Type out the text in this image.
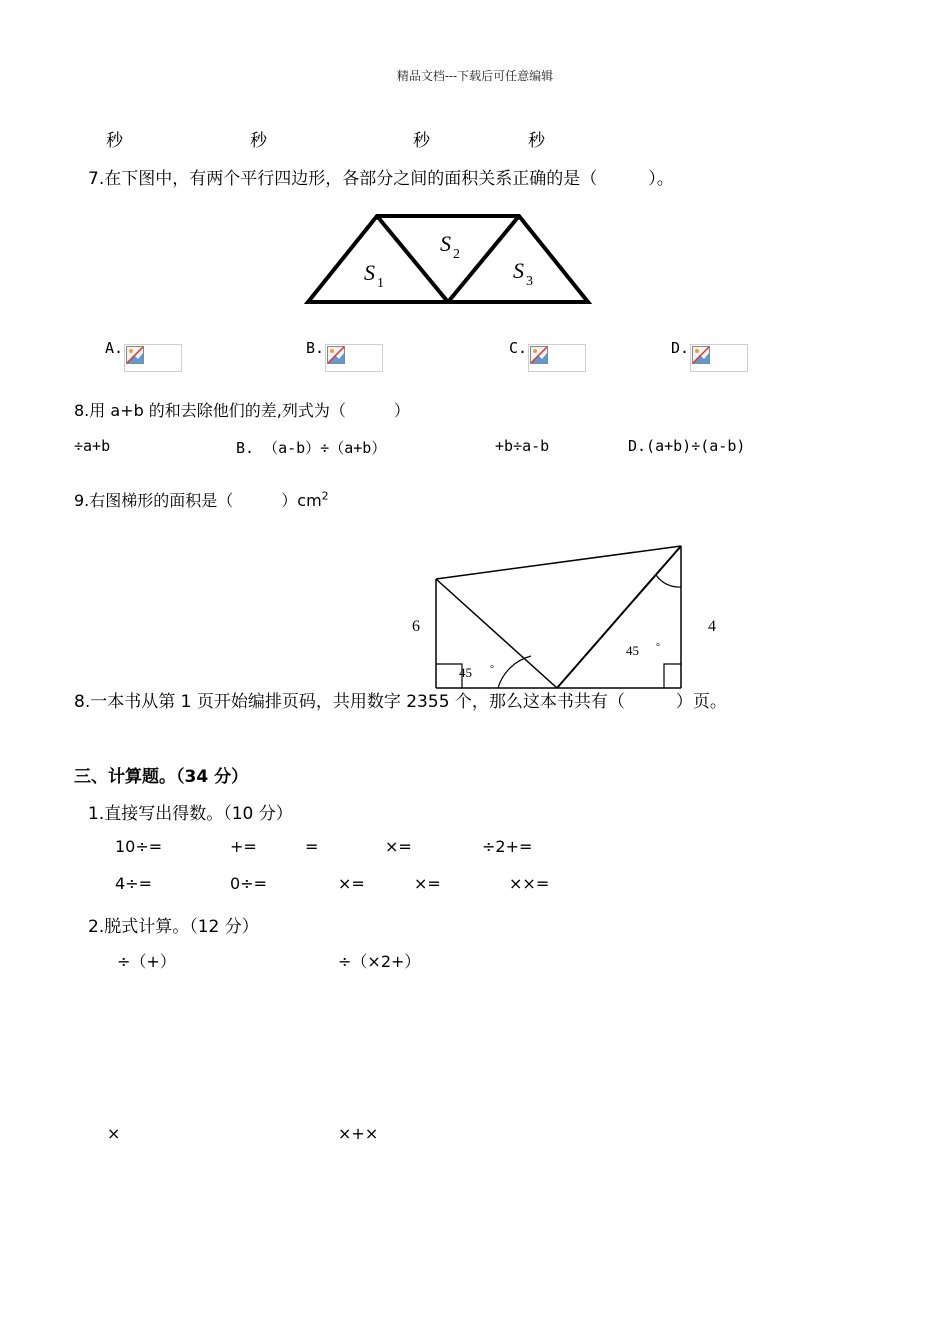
精品文档---下载后可任意编辑
秒	秒	秒	秒
7.在下图中，有两个平行四边形，各部分之间的面积关系正确的是（　　　）。
S 1
S 2
S 3
A.	B.	C.	D.
8.用 a+b 的和去除他们的差,列式为（　　　）
÷a+b	B. （a-b）÷（a+b）	+b÷a-b	D.(a+b)÷(a-b)
9.右图梯形的面积是（　　　）$cm^2$
6	4
45 °
45 °
8.一本书从第 1 页开始编排页码，共用数字 2355 个，那么这本书共有（　　　）页。
三、计算题。（34 分）
1.直接写出得数。（10 分）
10÷=	+=	=	×=	÷2+=
4÷=	0÷=	×=	×=	××=
2.脱式计算。（12 分）
÷（+）	÷（×2+）
×	×+×
